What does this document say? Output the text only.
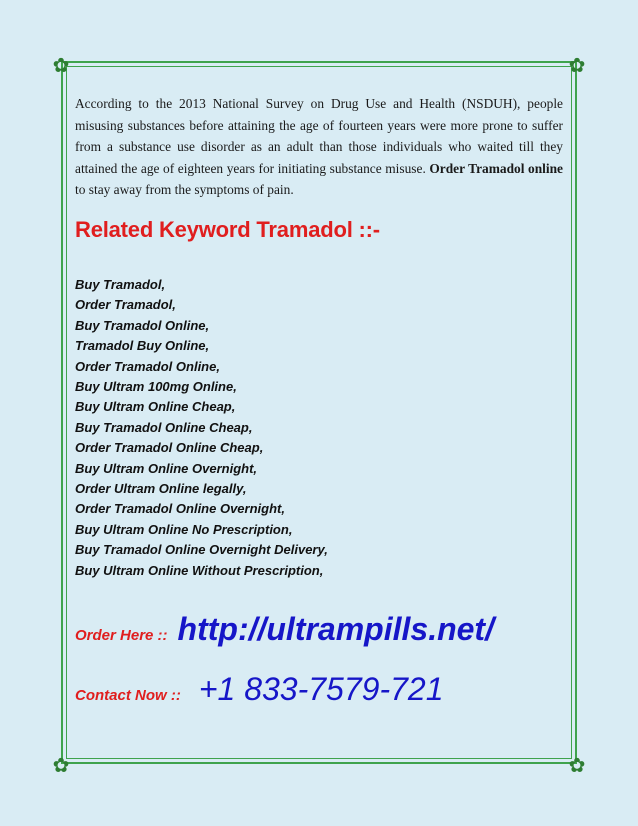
✿	✿
✿	✿

According to the 2013 National Survey on Drug Use and Health (NSDUH), people misusing substances before attaining the age of fourteen years were more prone to suffer from a substance use disorder as an adult than those individuals who waited till they attained the age of eighteen years for initiating substance misuse. Order Tramadol online to stay away from the symptoms of pain.

Related Keyword Tramadol ::-
Buy Tramadol,
Order Tramadol,
Buy Tramadol Online,
Tramadol Buy Online,
Order Tramadol Online,
Buy Ultram 100mg Online,
Buy Ultram Online Cheap,
Buy Tramadol Online Cheap,
Order Tramadol Online Cheap,
Buy Ultram Online Overnight,
Order Ultram Online legally,
Order Tramadol Online Overnight,
Buy Ultram Online No Prescription,
Buy Tramadol Online Overnight Delivery,
Buy Ultram Online Without Prescription,
Order Here :: http://ultrampills.net/
Contact Now :: +1 833-7579-721
